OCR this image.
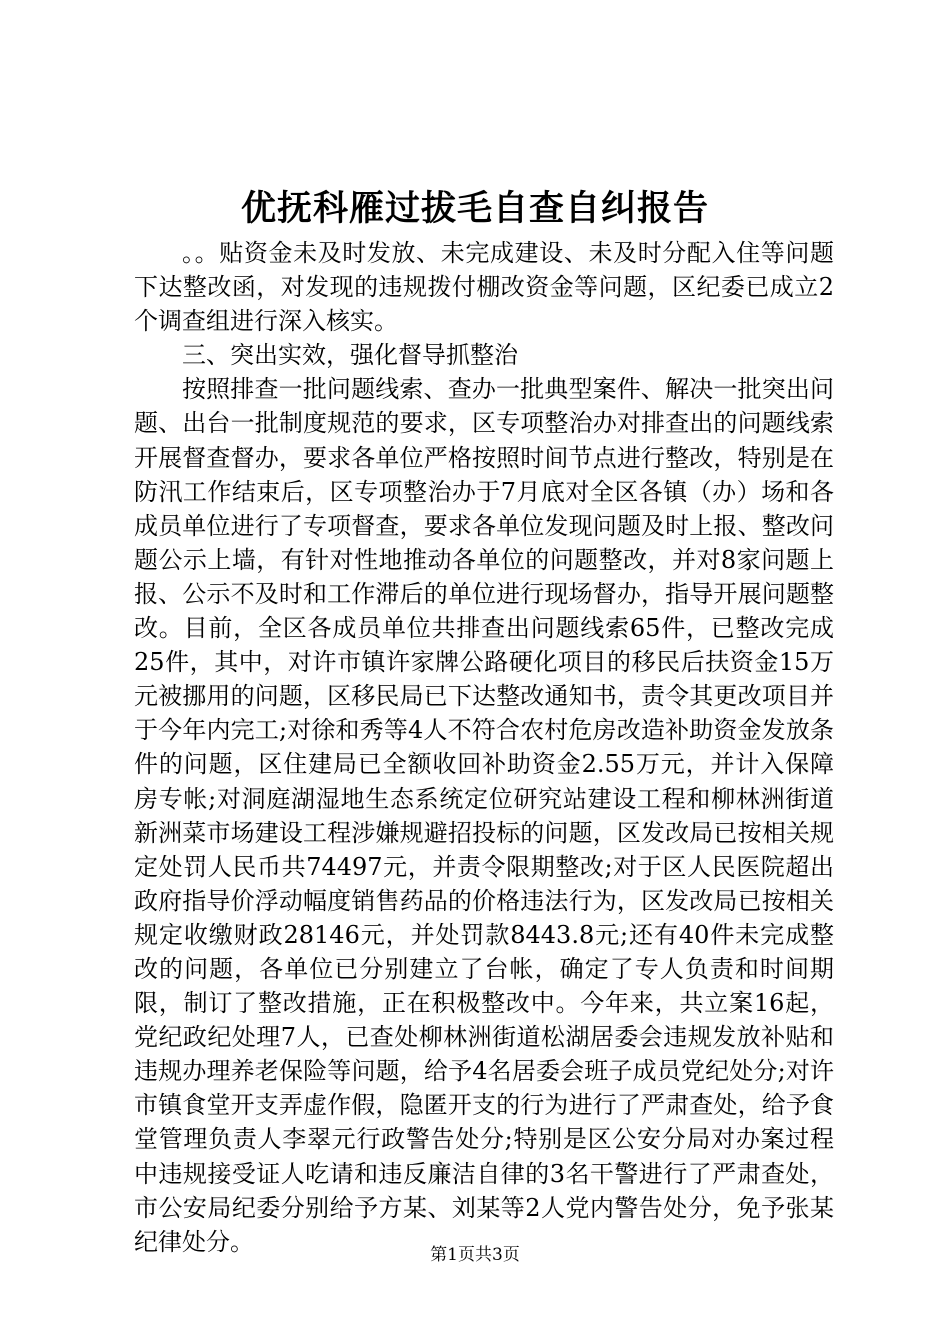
优抚科雁过拔毛自查自纠报告

。。贴资金未及时发放、未完成建设、未及时分配入住等问题下达整改函，对发现的违规拨付棚改资金等问题，区纪委已成立2个调查组进行深入核实。

三、突出实效，强化督导抓整治

按照排查一批问题线索、查办一批典型案件、解决一批突出问题、出台一批制度规范的要求，区专项整治办对排查出的问题线索开展督查督办，要求各单位严格按照时间节点进行整改，特别是在防汛工作结束后，区专项整治办于7月底对全区各镇（办）场和各成员单位进行了专项督查，要求各单位发现问题及时上报、整改问题公示上墙，有针对性地推动各单位的问题整改，并对8家问题上报、公示不及时和工作滞后的单位进行现场督办，指导开展问题整改。目前，全区各成员单位共排查出问题线索65件，已整改完成25件，其中，对许市镇许家牌公路硬化项目的移民后扶资金15万元被挪用的问题，区移民局已下达整改通知书，责令其更改项目并于今年内完工;对徐和秀等4人不符合农村危房改造补助资金发放条件的问题，区住建局已全额收回补助资金2.55万元，并计入保障房专帐;对洞庭湖湿地生态系统定位研究站建设工程和柳林洲街道新洲菜市场建设工程涉嫌规避招投标的问题，区发改局已按相关规定处罚人民币共74497元，并责令限期整改;对于区人民医院超出政府指导价浮动幅度销售药品的价格违法行为，区发改局已按相关规定收缴财政28146元，并处罚款8443.8元;还有40件未完成整改的问题，各单位已分别建立了台帐，确定了专人负责和时间期限，制订了整改措施，正在积极整改中。今年来，共立案16起，党纪政纪处理7人，已查处柳林洲街道松湖居委会违规发放补贴和违规办理养老保险等问题，给予4名居委会班子成员党纪处分;对许市镇食堂开支弄虚作假，隐匿开支的行为进行了严肃查处，给予食堂管理负责人李翠元行政警告处分;特别是区公安分局对办案过程中违规接受证人吃请和违反廉洁自律的3名干警进行了严肃查处，市公安局纪委分别给予方某、刘某等2人党内警告处分，免予张某纪律处分。	第1页共3页
